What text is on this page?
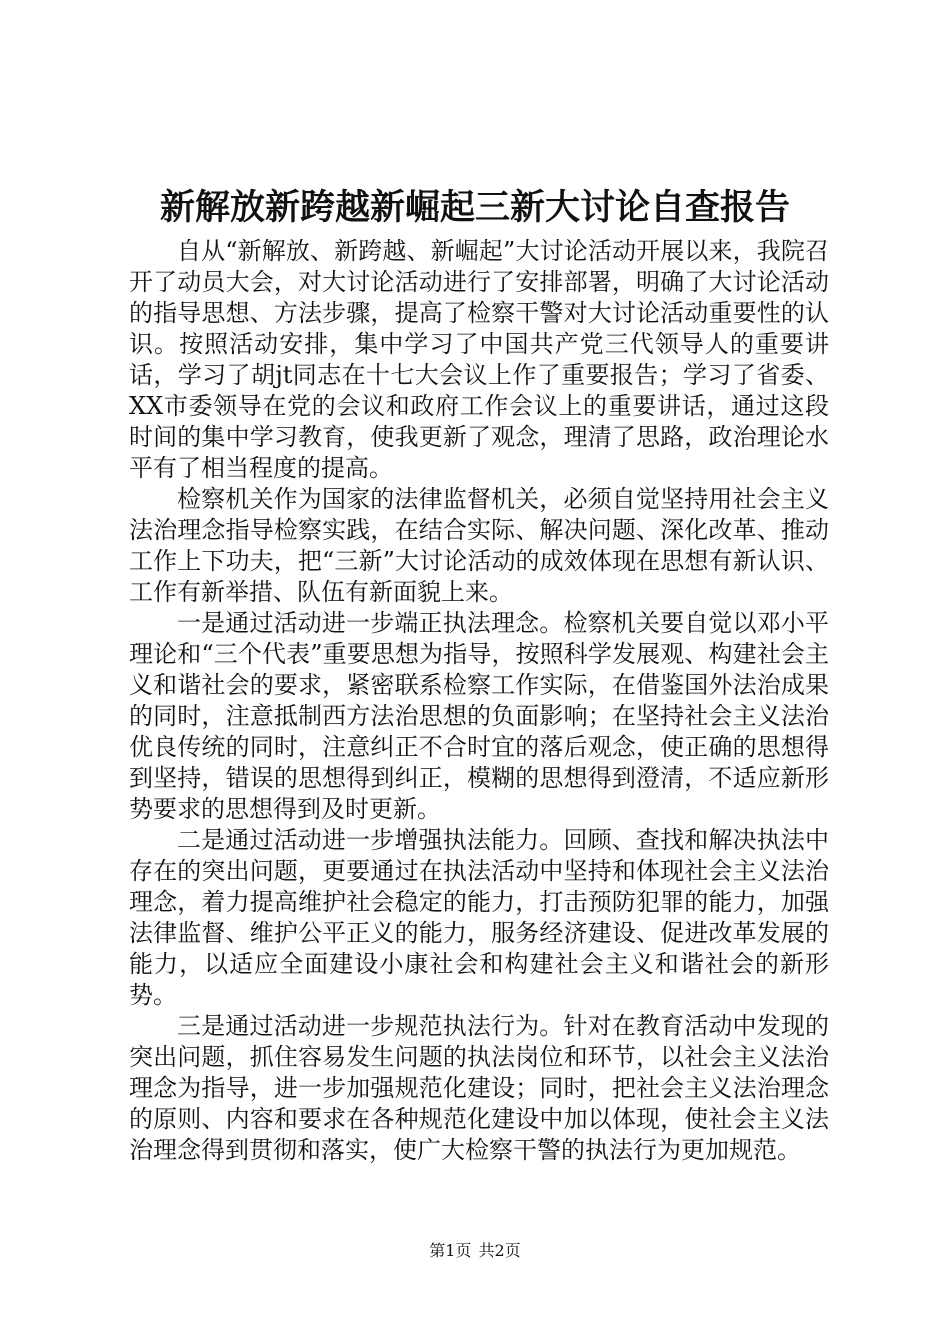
新解放新跨越新崛起三新大讨论自查报告

自从“新解放、新跨越、新崛起”大讨论活动开展以来，我院召开了动员大会，对大讨论活动进行了安排部署，明确了大讨论活动的指导思想、方法步骤，提高了检察干警对大讨论活动重要性的认识。按照活动安排，集中学习了中国共产党三代领导人的重要讲话，学习了胡jt同志在十七大会议上作了重要报告；学习了省委、XX市委领导在党的会议和政府工作会议上的重要讲话，通过这段时间的集中学习教育，使我更新了观念，理清了思路，政治理论水平有了相当程度的提高。

检察机关作为国家的法律监督机关，必须自觉坚持用社会主义法治理念指导检察实践，在结合实际、解决问题、深化改革、推动工作上下功夫，把“三新”大讨论活动的成效体现在思想有新认识、工作有新举措、队伍有新面貌上来。

一是通过活动进一步端正执法理念。检察机关要自觉以邓小平理论和“三个代表”重要思想为指导，按照科学发展观、构建社会主义和谐社会的要求，紧密联系检察工作实际，在借鉴国外法治成果的同时，注意抵制西方法治思想的负面影响；在坚持社会主义法治优良传统的同时，注意纠正不合时宜的落后观念，使正确的思想得到坚持，错误的思想得到纠正，模糊的思想得到澄清，不适应新形势要求的思想得到及时更新。

二是通过活动进一步增强执法能力。回顾、查找和解决执法中存在的突出问题，更要通过在执法活动中坚持和体现社会主义法治理念，着力提高维护社会稳定的能力，打击预防犯罪的能力，加强法律监督、维护公平正义的能力，服务经济建设、促进改革发展的能力，以适应全面建设小康社会和构建社会主义和谐社会的新形势。

三是通过活动进一步规范执法行为。针对在教育活动中发现的突出问题，抓住容易发生问题的执法岗位和环节，以社会主义法治理念为指导，进一步加强规范化建设；同时，把社会主义法治理念的原则、内容和要求在各种规范化建设中加以体现，使社会主义法治理念得到贯彻和落实，使广大检察干警的执法行为更加规范。

第1页 共2页
